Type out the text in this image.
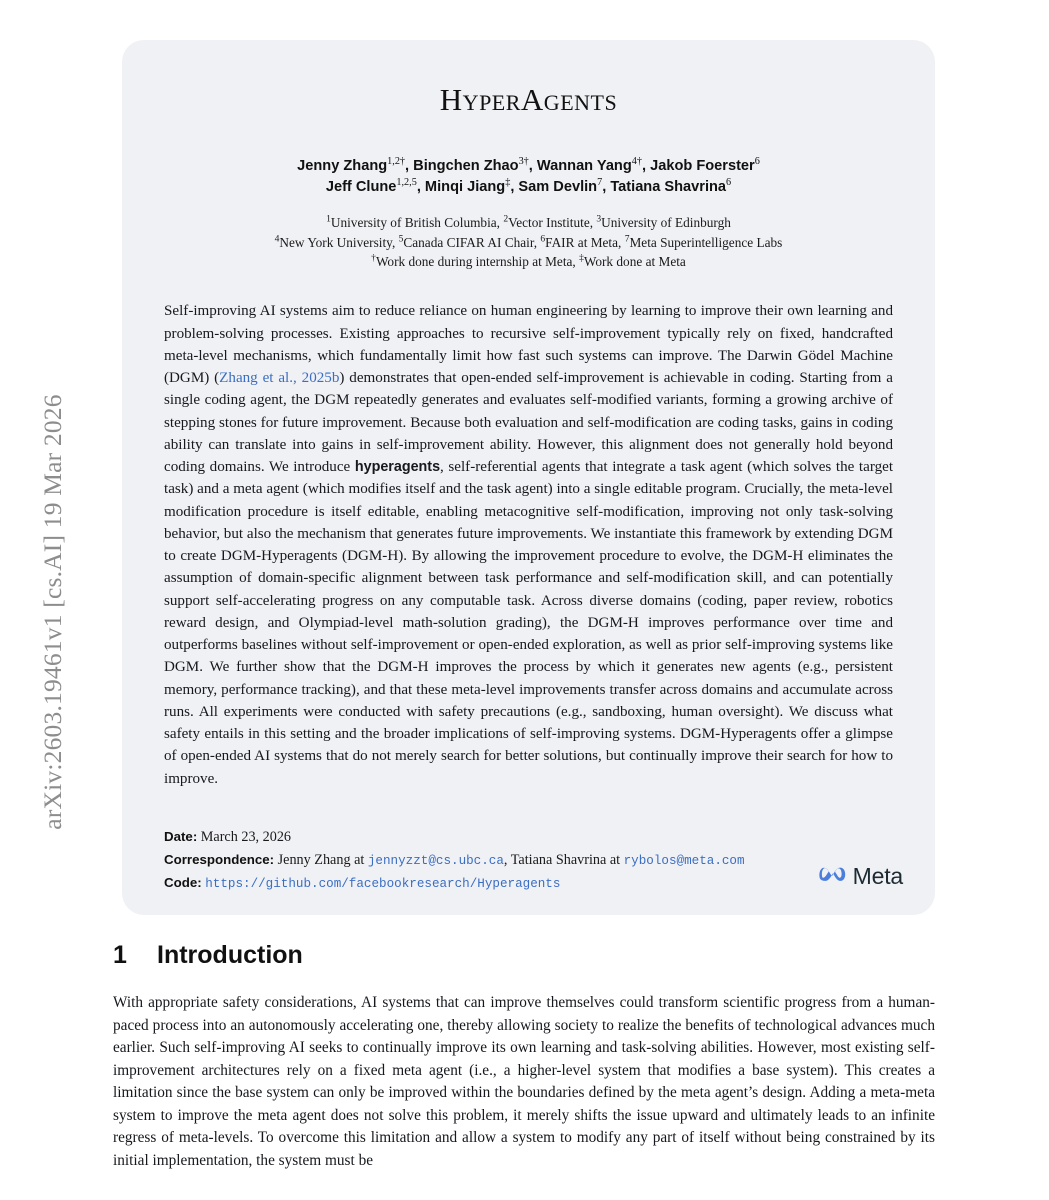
arXiv:2603.19461v1 [cs.AI] 19 Mar 2026
HyperAgents
Jenny Zhang$^{1,2\dagger}$, Bingchen Zhao$^{3\dagger}$, Wannan Yang$^{4\dagger}$, Jakob Foerster$^6$
Jeff Clune$^{1,2,5}$, Minqi Jiang‡, Sam Devlin$^7$, Tatiana Shavrina$^6$
$^1$University of British Columbia, $^2$Vector Institute, $^3$University of Edinburgh
$^4$New York University, $^5$Canada CIFAR AI Chair, $^6$FAIR at Meta, $^7$Meta Superintelligence Labs
†Work done during internship at Meta, ‡Work done at Meta

Self-improving AI systems aim to reduce reliance on human engineering by learning to improve their own learning and problem-solving processes. Existing approaches to recursive self-improvement typically rely on fixed, handcrafted meta-level mechanisms, which fundamentally limit how fast such systems can improve. The Darwin Gödel Machine (DGM) (Zhang et al., 2025b) demonstrates that open-ended self-improvement is achievable in coding. Starting from a single coding agent, the DGM repeatedly generates and evaluates self-modified variants, forming a growing archive of stepping stones for future improvement. Because both evaluation and self-modification are coding tasks, gains in coding ability can translate into gains in self-improvement ability. However, this alignment does not generally hold beyond coding domains. We introduce hyperagents, self-referential agents that integrate a task agent (which solves the target task) and a meta agent (which modifies itself and the task agent) into a single editable program. Crucially, the meta-level modification procedure is itself editable, enabling metacognitive self-modification, improving not only task-solving behavior, but also the mechanism that generates future improvements. We instantiate this framework by extending DGM to create DGM-Hyperagents (DGM-H). By allowing the improvement procedure to evolve, the DGM-H eliminates the assumption of domain-specific alignment between task performance and self-modification skill, and can potentially support self-accelerating progress on any computable task. Across diverse domains (coding, paper review, robotics reward design, and Olympiad-level math-solution grading), the DGM-H improves performance over time and outperforms baselines without self-improvement or open-ended exploration, as well as prior self-improving systems like DGM. We further show that the DGM-H improves the process by which it generates new agents (e.g., persistent memory, performance tracking), and that these meta-level improvements transfer across domains and accumulate across runs. All experiments were conducted with safety precautions (e.g., sandboxing, human oversight). We discuss what safety entails in this setting and the broader implications of self-improving systems. DGM-Hyperagents offer a glimpse of open-ended AI systems that do not merely search for better solutions, but continually improve their search for how to improve.

Date: March 23, 2026
Correspondence: Jenny Zhang at jennyzzt@cs.ubc.ca, Tatiana Shavrina at rybolos@meta.com
Code: https://github.com/facebookresearch/Hyperagents	Meta
1 Introduction

With appropriate safety considerations, AI systems that can improve themselves could transform scientific progress from a human-paced process into an autonomously accelerating one, thereby allowing society to realize the benefits of technological advances much earlier. Such self-improving AI seeks to continually improve its own learning and task-solving abilities. However, most existing self-improvement architectures rely on a fixed meta agent (i.e., a higher-level system that modifies a base system). This creates a limitation since the base system can only be improved within the boundaries defined by the meta agent’s design. Adding a meta-meta system to improve the meta agent does not solve this problem, it merely shifts the issue upward and ultimately leads to an infinite regress of meta-levels. To overcome this limitation and allow a system to modify any part of itself without being constrained by its initial implementation, the system must be
